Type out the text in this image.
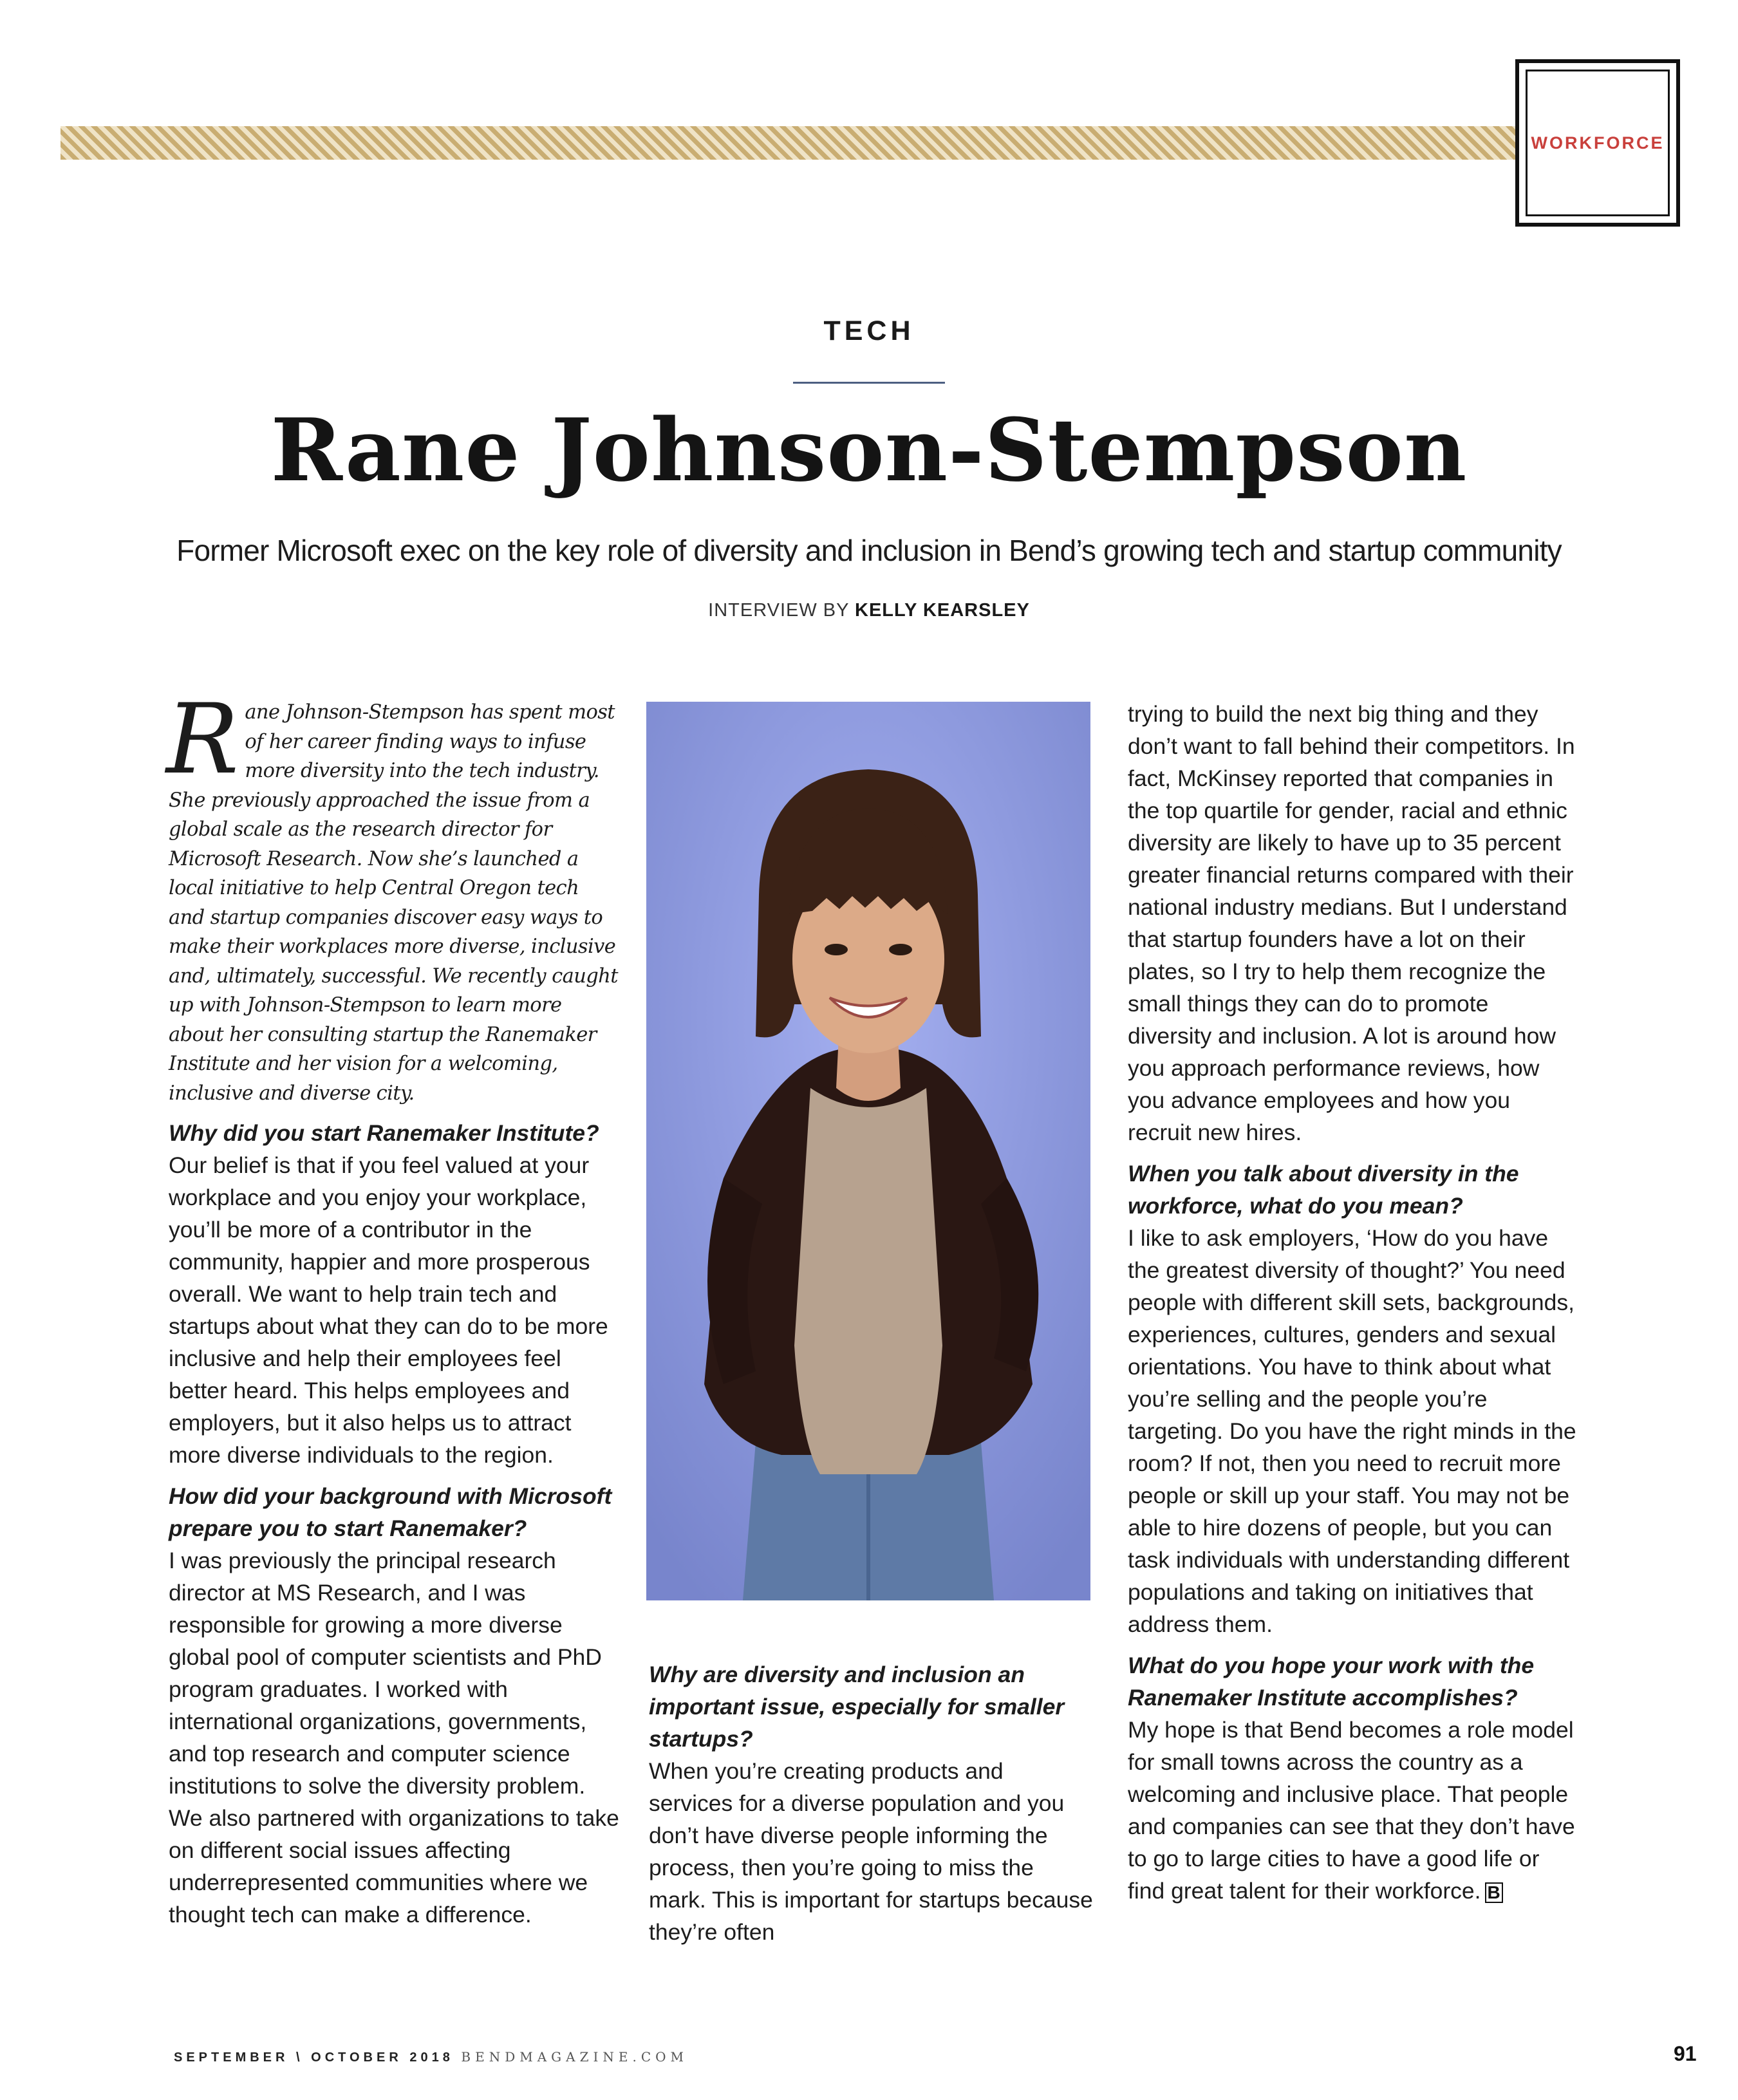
WORKFORCE
TECH
Rane Johnson-Stempson
Former Microsoft exec on the key role of diversity and inclusion in Bend’s growing tech and startup community
INTERVIEW BY KELLY KEARSLEY

Rane Johnson-Stempson has spent most of her career finding ways to infuse more diversity into the tech industry. She previously approached the issue from a global scale as the research director for Microsoft Research. Now she’s launched a local initiative to help Central Oregon tech and startup companies discover easy ways to make their workplaces more diverse, inclusive and, ultimately, successful. We recently caught up with Johnson-Stempson to learn more about her consulting startup the Ranemaker Institute and her vision for a welcoming, inclusive and diverse city.

Why did you start Ranemaker Institute?

Our belief is that if you feel valued at your workplace and you enjoy your workplace, you’ll be more of a contributor in the community, happier and more prosperous overall. We want to help train tech and startups about what they can do to be more inclusive and help their employees feel better heard. This helps employees and employers, but it also helps us to attract more diverse individuals to the region.

How did your background with Microsoft prepare you to start Ranemaker?

I was previously the principal research director at MS Research, and I was responsible for growing a more diverse global pool of computer scientists and PhD program graduates. I worked with international organizations, governments, and top research and computer science institutions to solve the diversity problem. We also partnered with organizations to take on different social issues affecting underrepresented communities where we thought tech can make a difference.

Why are diversity and inclusion an important issue, especially for smaller startups?

When you’re creating products and services for a diverse population and you don’t have diverse people informing the process, then you’re going to miss the mark. This is important for startups because they’re often

trying to build the next big thing and they don’t want to fall behind their competitors. In fact, McKinsey reported that companies in the top quartile for gender, racial and ethnic diversity are likely to have up to 35 percent greater financial returns compared with their national industry medians. But I understand that startup founders have a lot on their plates, so I try to help them recognize the small things they can do to promote diversity and inclusion. A lot is around how you approach performance reviews, how you advance employees and how you recruit new hires.

When you talk about diversity in the workforce, what do you mean?

I like to ask employers, ‘How do you have the greatest diversity of thought?’ You need people with different skill sets, backgrounds, experiences, cultures, genders and sexual orientations. You have to think about what you’re selling and the people you’re targeting. Do you have the right minds in the room? If not, then you need to recruit more people or skill up your staff. You may not be able to hire dozens of people, but you can task individuals with understanding different populations and taking on initiatives that address them.

What do you hope your work with the Ranemaker Institute accomplishes?

My hope is that Bend becomes a role model for small towns across the country as a welcoming and inclusive place. That people and companies can see that they don’t have to go to large cities to have a good life or find great talent for their workforce. B

SEPTEMBER \ OCTOBER 2018 BENDMAGAZINE.COM	91
